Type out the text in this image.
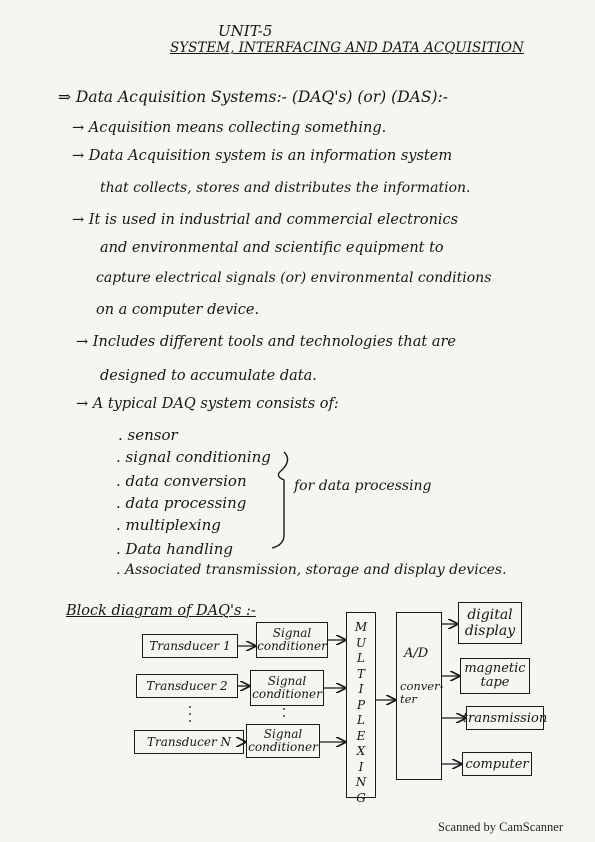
UNIT-5
SYSTEM, INTERFACING AND DATA ACQUISITION
⇒ Data Acquisition Systems:- (DAQ's) (or) (DAS):-
→ Acquisition means collecting something.
→ Data Acquisition system is an information system
that collects, stores and distributes the information.
→ It is used in industrial and commercial electronics
and environmental and scientific equipment to
capture electrical signals (or) environmental conditions
on a computer device.
→ Includes different tools and technologies that are
designed to accumulate data.
→ A typical DAQ system consists of:
. sensor
. signal conditioning
. data conversion
. data processing
. multiplexing
. Data handling
. Associated transmission, storage and display devices.
for data processing
Block diagram of DAQ's :-
Transducer 1
Transducer 2
Transducer N
Signal conditioner
Signal conditioner
Signal conditioner
M
U
L
T
I
P
L
E
X
I
N
G
A/D
conver-ter
digital display
magnetic tape
transmission
computer
Scanned by CamScanner
